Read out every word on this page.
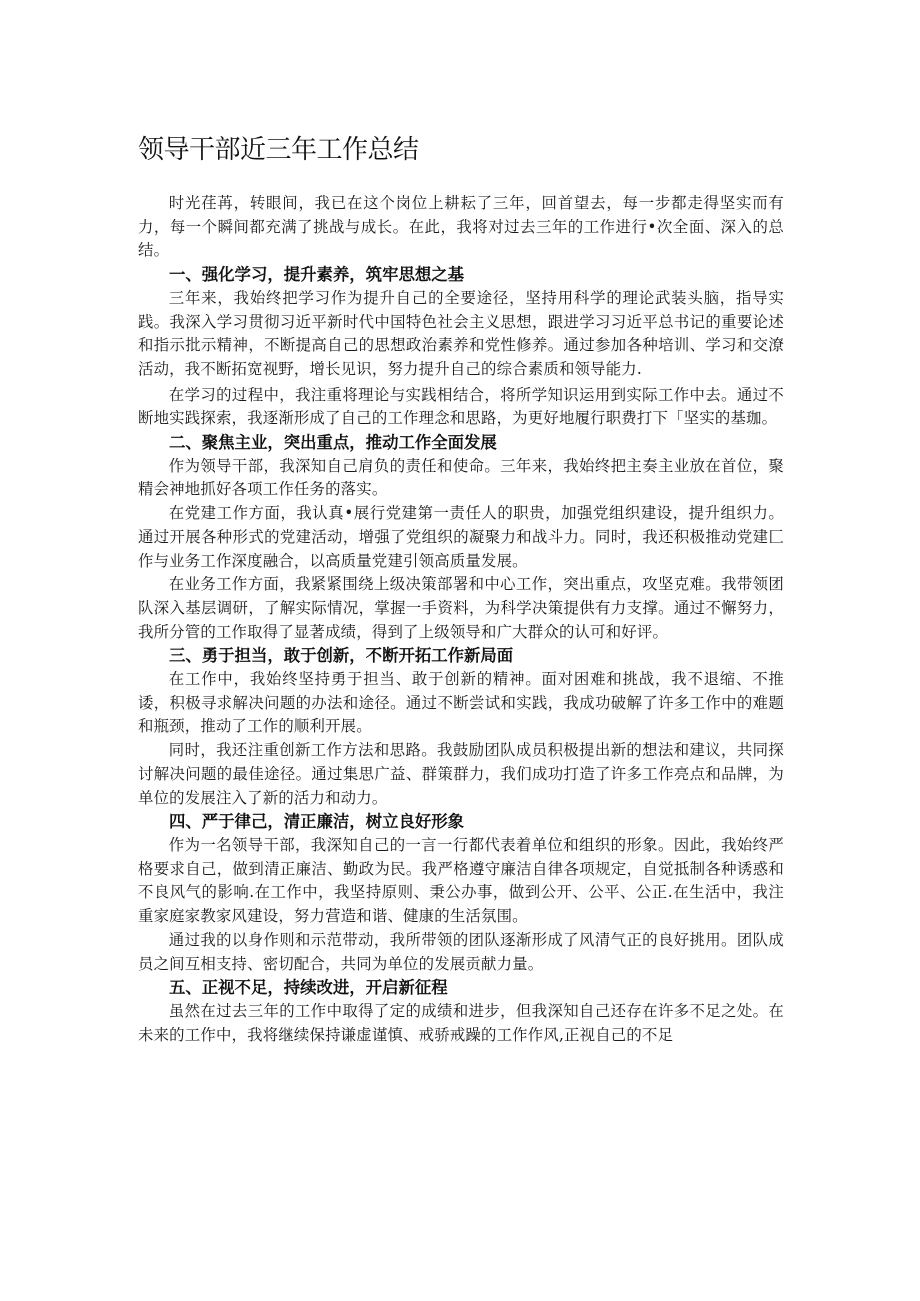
领导干部近三年工作总结

时光荏苒，转眼间，我已在这个岗位上耕耘了三年，回首望去，每一步都走得坚实而有力，每一个瞬间都充满了挑战与成长。在此，我将对过去三年的工作进行•次全面、深入的总结。

一、强化学习，提升素养，筑牢思想之基

三年来，我始终把学习作为提升自己的全要途径，坚持用科学的理论武装头脑，指导实践。我深入学习贯彻习近平新时代中国特色社会主义思想，跟进学习习近平总书记的重要论述和指示批示精神，不断提高自己的思想政治素养和党性修养。通过参加各种培训、学习和交潦活动，我不断拓宽视野，增长见识，努力提升自己的综合素质和领导能力.

在学习的过程中，我注重将理论与实践相结合，将所学知识运用到实际工作中去。通过不断地实践探索，我逐渐形成了自己的工作理念和思路，为更好地履行职费打下「坚实的基珈。

二、聚焦主业，突出重点，推动工作全面发展

作为领导干部，我深知自己肩负的责任和使命。三年来，我始终把主奏主业放在首位，聚精会神地抓好各项工作任务的落实。

在党建工作方面，我认真•展行党建第一责任人的职贵，加强党组织建设，提升组织力。通过开展各种形式的党建活动，增强了党组织的凝聚力和战斗力。同时，我还积极推动党建匚作与业务工作深度融合，以高质量党建引领高质量发展。

在业务工作方面，我紧紧围绕上级决策部署和中心工作，突出重点，攻坚克难。我带领团队深入基层调研，了解实际情况，掌握一手资料，为科学决策提供有力支撑。通过不懈努力，我所分管的工作取得了显著成绩，得到了上级领导和广大群众的认可和好评。

三、勇于担当，敢于创新，不断开拓工作新局面

在工作中，我始终坚持勇于担当、敢于创新的精神。面对困难和挑战，我不退缩、不推诿，积极寻求解决问题的办法和途径。通过不断尝试和实践，我成功破解了许多工作中的难题和瓶颈，推动了工作的顺利开展。

同时，我还注重创新工作方法和思路。我鼓励团队成员积极提出新的想法和建议，共同探讨解决问题的最佳途径。通过集思广益、群策群力，我们成功打造了许多工作亮点和品牌，为单位的发展注入了新的活力和动力。

四、严于律己，清正廉洁，树立良好形象

作为一名领导干部，我深知自己的一言一行都代表着单位和组织的形象。因此，我始终严格要求自己，做到清正廉洁、勤政为民。我严格遵守廉洁自律各项规定，自觉抵制各种诱惑和不良风气的影响.在工作中，我坚持原则、秉公办事，做到公开、公平、公正.在生活中，我注重家庭家教家风建设，努力营造和谐、健康的生活氛围。

通过我的以身作则和示范带动，我所带领的团队逐渐形成了风清气正的良好挑用。团队成员之间互相支持、密切配合，共同为单位的发展贡献力量。

五、正视不足，持续改进，开启新征程

虽然在过去三年的工作中取得了定的成绩和进步，但我深知自己还存在许多不足之处。在未来的工作中，我将继续保持谦虚谨慎、戒骄戒躁的工作作风,正视自己的不足
